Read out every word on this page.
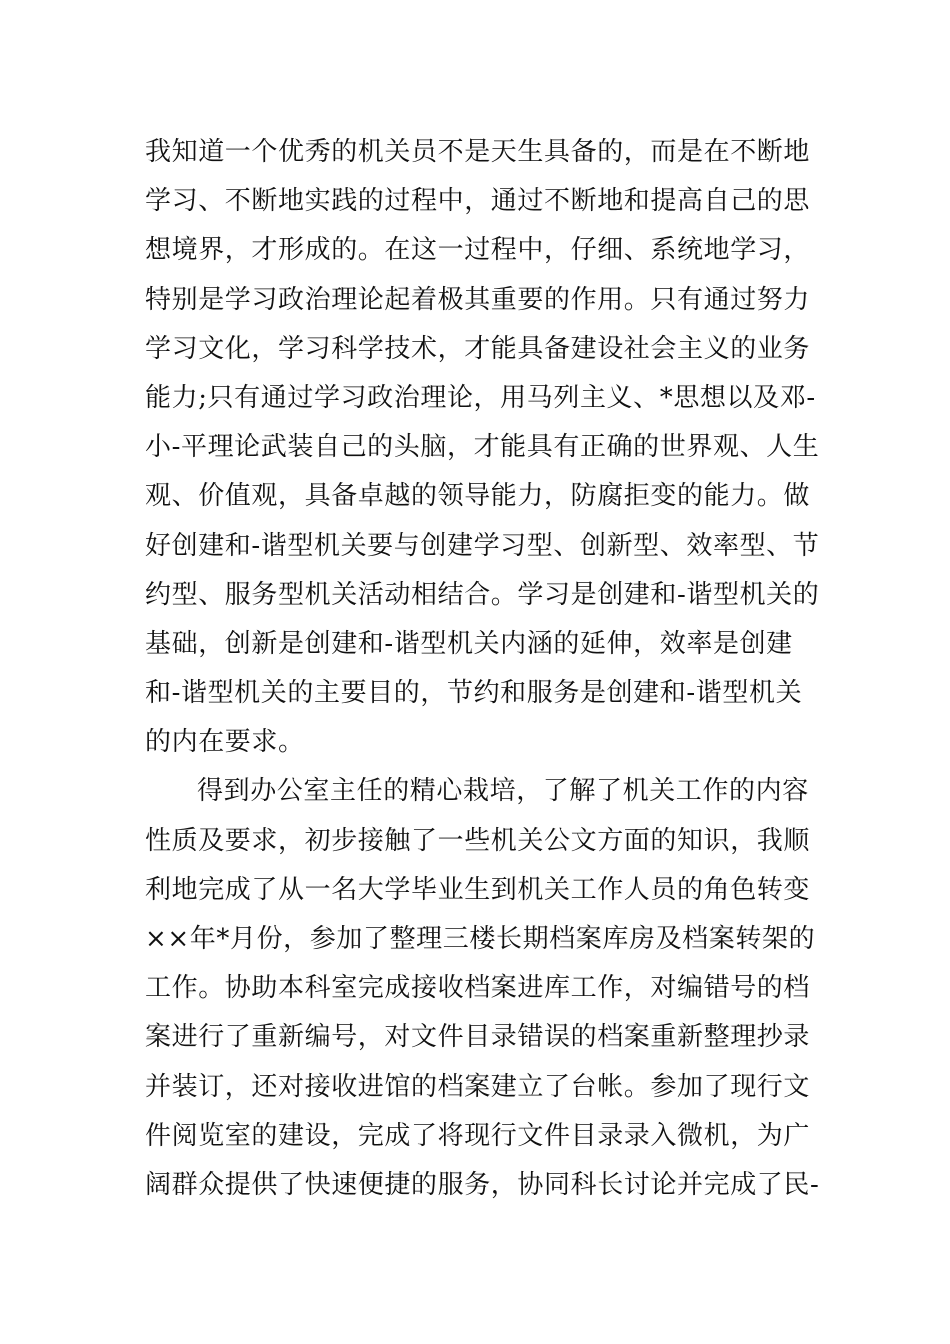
我知道一个优秀的机关员不是天生具备的，而是在不断地
学习、不断地实践的过程中，通过不断地和提高自己的思
想境界，才形成的。在这一过程中，仔细、系统地学习，
特别是学习政治理论起着极其重要的作用。只有通过努力
学习文化，学习科学技术，才能具备建设社会主义的业务
能力;只有通过学习政治理论，用马列主义、*思想以及邓-
小-平理论武装自己的头脑，才能具有正确的世界观、人生
观、价值观，具备卓越的领导能力，防腐拒变的能力。做
好创建和-谐型机关要与创建学习型、创新型、效率型、节
约型、服务型机关活动相结合。学习是创建和-谐型机关的
基础，创新是创建和-谐型机关内涵的延伸，效率是创建
和-谐型机关的主要目的，节约和服务是创建和-谐型机关
的内在要求。
得到办公室主任的精心栽培，了解了机关工作的内容
性质及要求，初步接触了一些机关公文方面的知识，我顺
利地完成了从一名大学毕业生到机关工作人员的角色转变
××年*月份，参加了整理三楼长期档案库房及档案转架的
工作。协助本科室完成接收档案进库工作，对编错号的档
案进行了重新编号，对文件目录错误的档案重新整理抄录
并装订，还对接收进馆的档案建立了台帐。参加了现行文
件阅览室的建设，完成了将现行文件目录录入微机，为广
阔群众提供了快速便捷的服务，协同科长讨论并完成了民-
